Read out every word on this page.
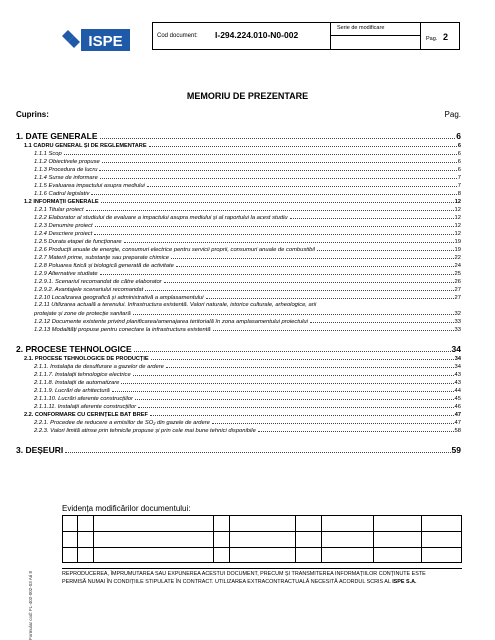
ISPE	Cod document: I-294.224.010-N0-002
Serie de modificare
Pag. 2
MEMORIU DE PREZENTARE
Cuprins:	Pag.
1. DATE GENERALE	6
1.1 CADRU GENERAL ȘI DE REGLEMENTARE	6
1.1.1 Scop	6
1.1.2 Obiectivele propuse	6
1.1.3 Procedura de lucru	6
1.1.4 Surse de informare	7
1.1.5 Evaluarea impactului asupra mediului	7
1.1.6 Cadrul legislativ	8
1.2 INFORMAȚII GENERALE	12
1.2.1 Titular proiect	12
1.2.2 Elaborator al studiului de evaluare a impactului asupra mediului și al raportului la acest studiu	12
1.2.3 Denumire proiect	12
1.2.4 Descriere proiect	12
1.2.5 Durata etapei de funcționare	19
1.2.6 Producții anuale de energie, consumuri electrice pentru servicii proprii, consumuri anuale de combustibil	19
1.2.7 Materii prime, substanțe sau preparate chimice	22
1.2.8 Poluarea fizică și biologică generată de activitate	24
1.2.9 Alternative studiate	25
1.2.9.1. Scenariul recomandat de către elaborator	26
1.2.9.2. Avantajele scenariului recomandat	27
1.2.10 Localizarea geografică și administrativă a amplasamentului	27
1.2.11 Utilizarea actuală a terenului. Infrastructura existentă. Valori naturale, istorice culturale, arheologice, arii
protejate și zone de protecție sanitară	32
1.2.12 Documente existente privind planificarea/amenajarea teritorială în zona amplasamentului proiectului	33
1.2.13 Modalități propuse pentru conectare la infrastructura existentă	33
2. PROCESE TEHNOLOGICE	34
2.1. PROCESE TEHNOLOGICE DE PRODUCȚIE	34
2.1.1. Instalația de desulfurare a gazelor de ardere	34
2.1.1.7. Instalații tehnologice electrice	43
2.1.1.8. Instalații de automatizare	43
2.1.1.9. Lucrări de arhitectură	44
2.1.1.10. Lucrări aferente construcțiilor	45
2.1.1.11. Instalații aferente construcțiilor	46
2.2. CONFORMARE CU CERINȚELE BAT BREF	47
2.2.1. Procedee de reducere a emisiilor de SO₂ din gazele de ardere	47
2.2.3. Valori limită atinse prin tehnicile propuse și prin cele mai bune tehnici disponibile	58
3. DEȘEURI	59
Evidența modificărilor documentului:
REPRODUCEREA, ÎMPRUMUTAREA SAU EXPUNEREA ACESTUI DOCUMENT, PRECUM ȘI TRANSMITEREA INFORMAȚIILOR CONȚINUTE ESTE
PERMISĂ NUMAI ÎN CONDIȚIILE STIPULATE ÎN CONTRACT. UTILIZAREA EXTRACONTRACTUALĂ NECESITĂ ACORDUL SCRIS AL ISPE S.A.
Formular cod: FL-402-002-03 Ari 8
